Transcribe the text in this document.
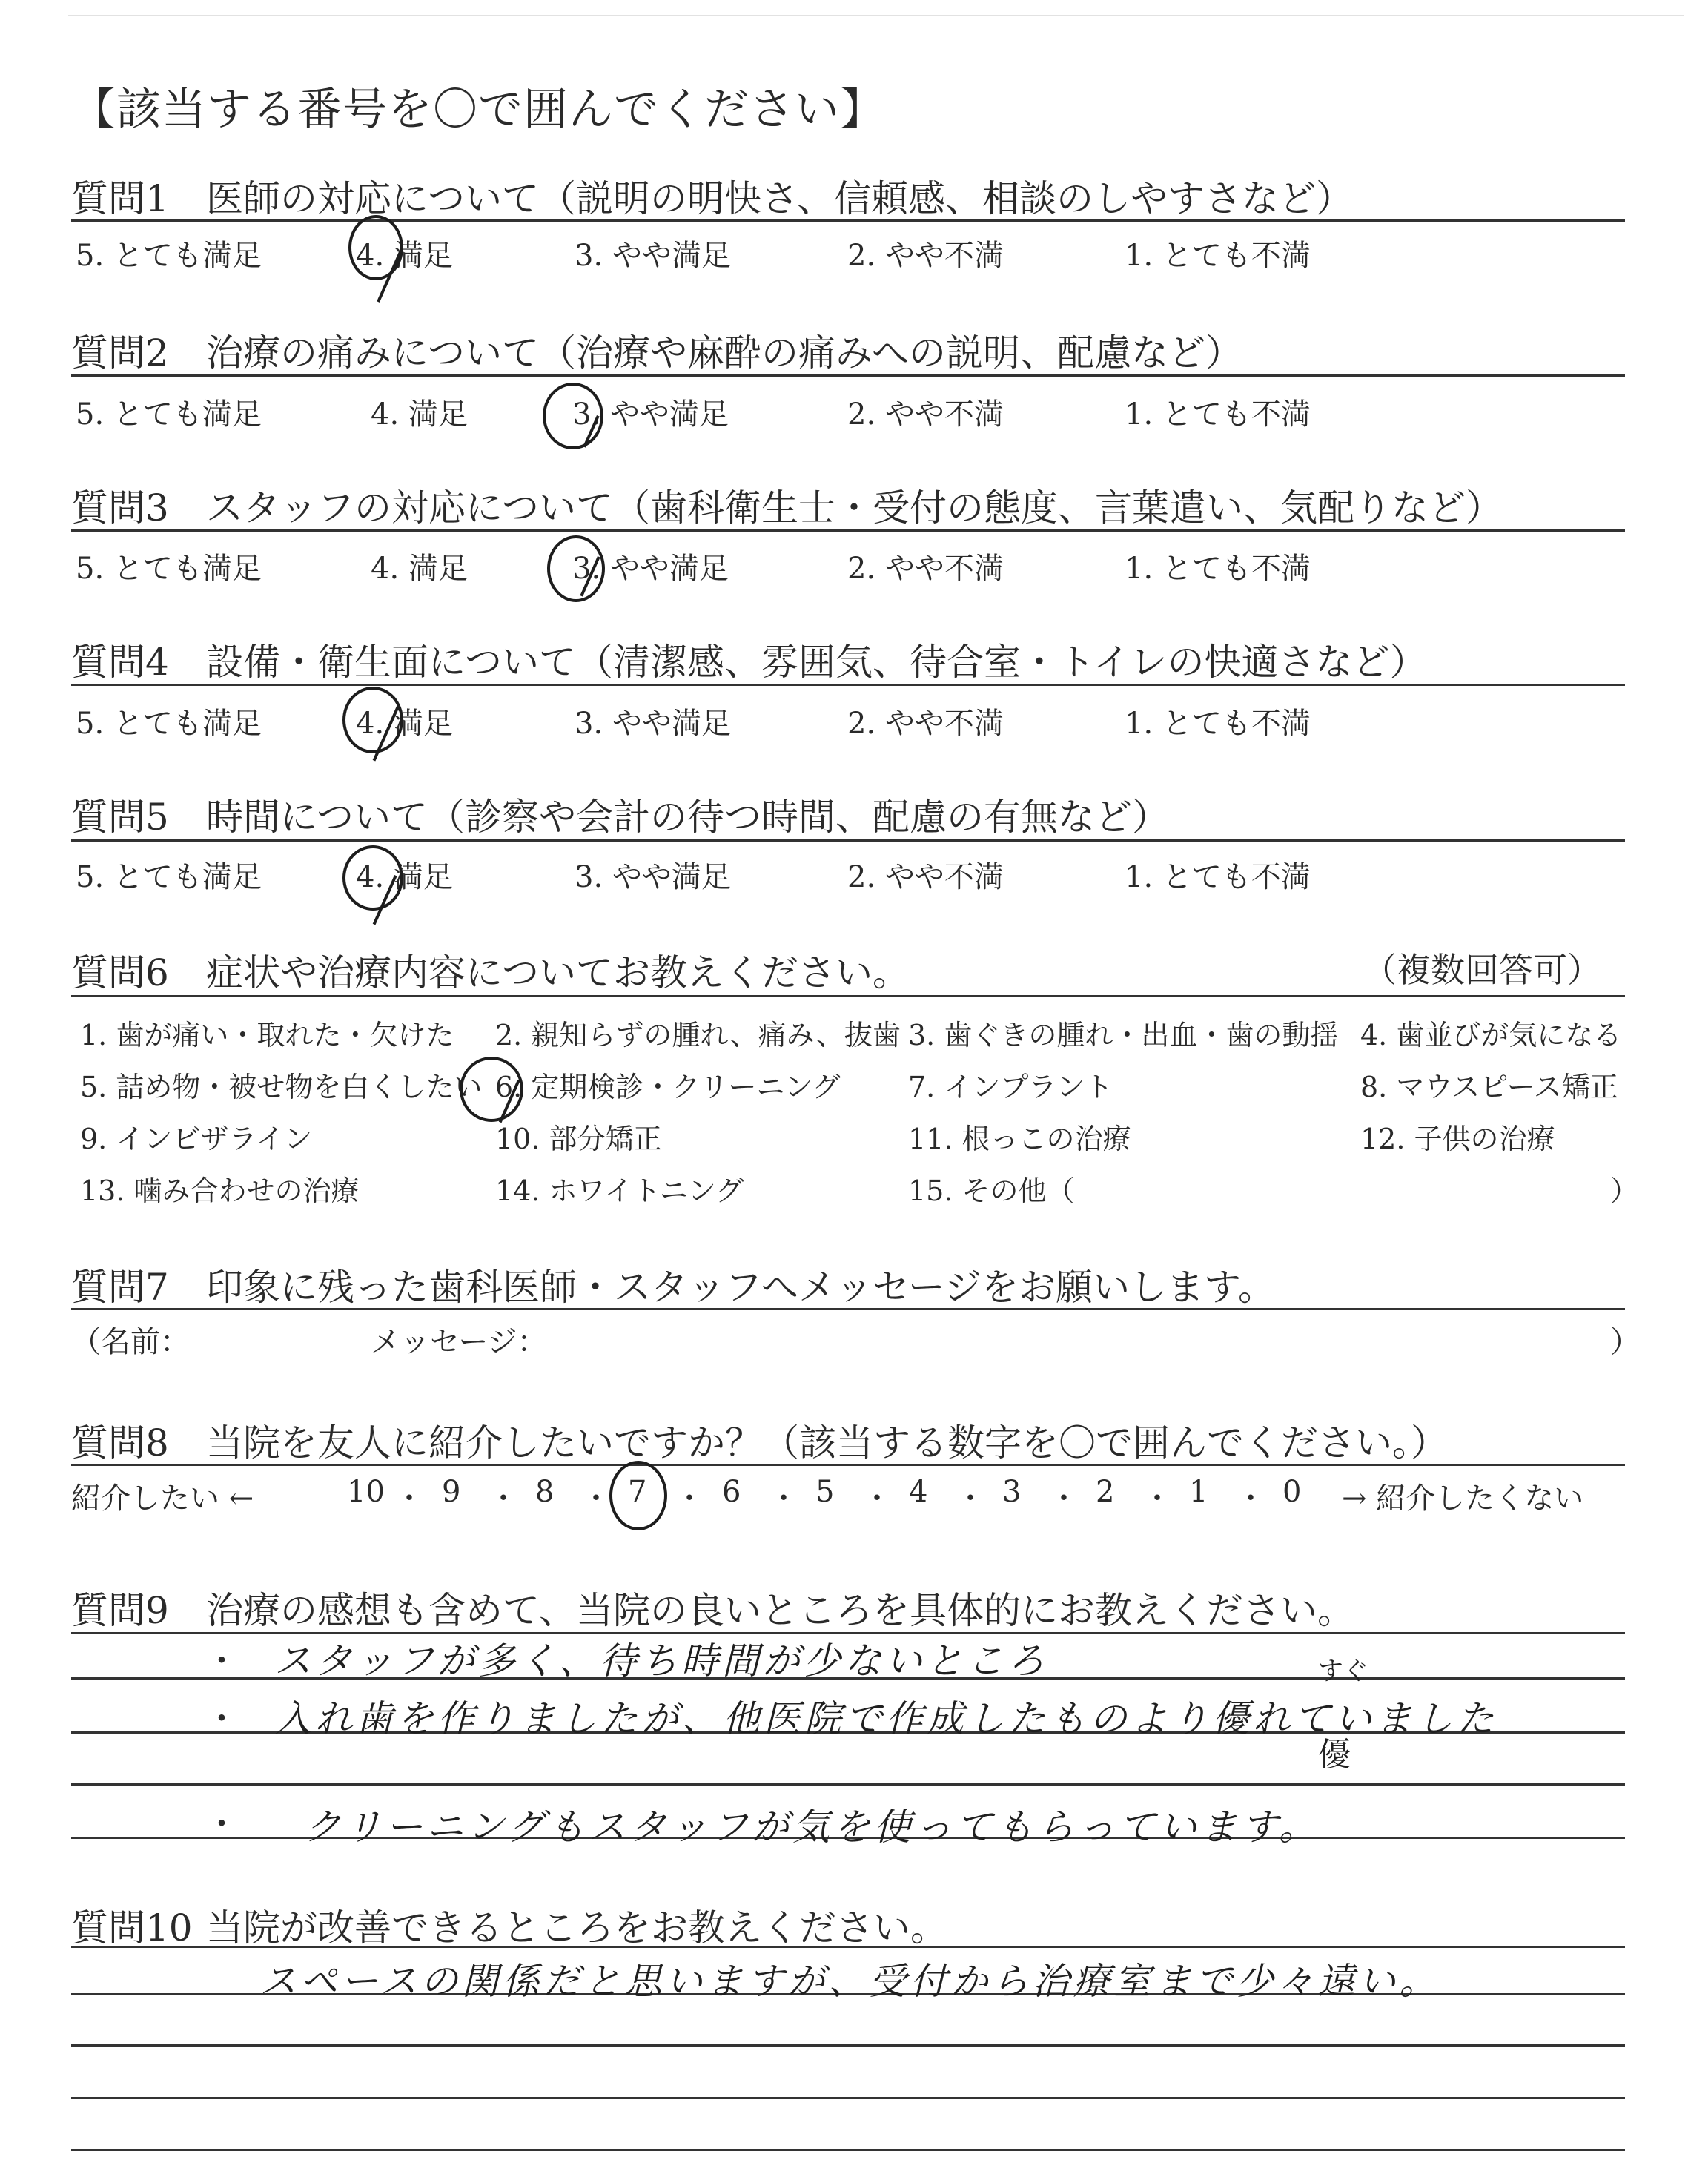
【該当する番号を〇で囲んでください】
質問1 医師の対応について（説明の明快さ、信頼感、相談のしやすさなど）
5. とても満足	4. 満足	3. やや満足	2. やや不満	1. とても不満
質問2 治療の痛みについて（治療や麻酔の痛みへの説明、配慮など）
5. とても満足	4. 満足	3. やや満足	2. やや不満	1. とても不満
質問3 スタッフの対応について（歯科衛生士・受付の態度、言葉遣い、気配りなど）
5. とても満足	4. 満足	3. やや満足	2. やや不満	1. とても不満
質問4 設備・衛生面について（清潔感、雰囲気、待合室・トイレの快適さなど）
5. とても満足	4. 満足	3. やや満足	2. やや不満	1. とても不満
質問5 時間について（診察や会計の待つ時間、配慮の有無など）
5. とても満足	4. 満足	3. やや満足	2. やや不満	1. とても不満
質問6 症状や治療内容についてお教えください。	（複数回答可）
1. 歯が痛い・取れた・欠けた 2. 親知らずの腫れ、痛み、抜歯 3. 歯ぐきの腫れ・出血・歯の動揺 4. 歯並びが気になる
5. 詰め物・被せ物を白くしたい 6. 定期検診・クリーニング 7. インプラント	8. マウスピース矯正
9. インビザライン	10. 部分矯正	11. 根っこの治療	12. 子供の治療
13. 噛み合わせの治療	14. ホワイトニング	15. その他（	）
質問7 印象に残った歯科医師・スタッフへメッセージをお願いします。
（名前：	メッセージ：	）
質問8 当院を友人に紹介したいですか？（該当する数字を〇で囲んでください。）
紹介したい ←	→ 紹介したくない
10 ・ 9 ・ 8 ・ 7 ・ 6 ・ 5 ・ 4 ・ 3 ・ 2 ・ 1 ・ 0
質問9 治療の感想も含めて、当院の良いところを具体的にお教えください。
・ スタッフが多く、待ち時間が少ないところ
・ 入れ歯を作りましたが、他医院で作成したものより優れていました
すぐ
優
・ クリーニングもスタッフが気を使ってもらっています。
質問10 当院が改善できるところをお教えください。
スペースの関係だと思いますが、受付から治療室まで少々遠い。
